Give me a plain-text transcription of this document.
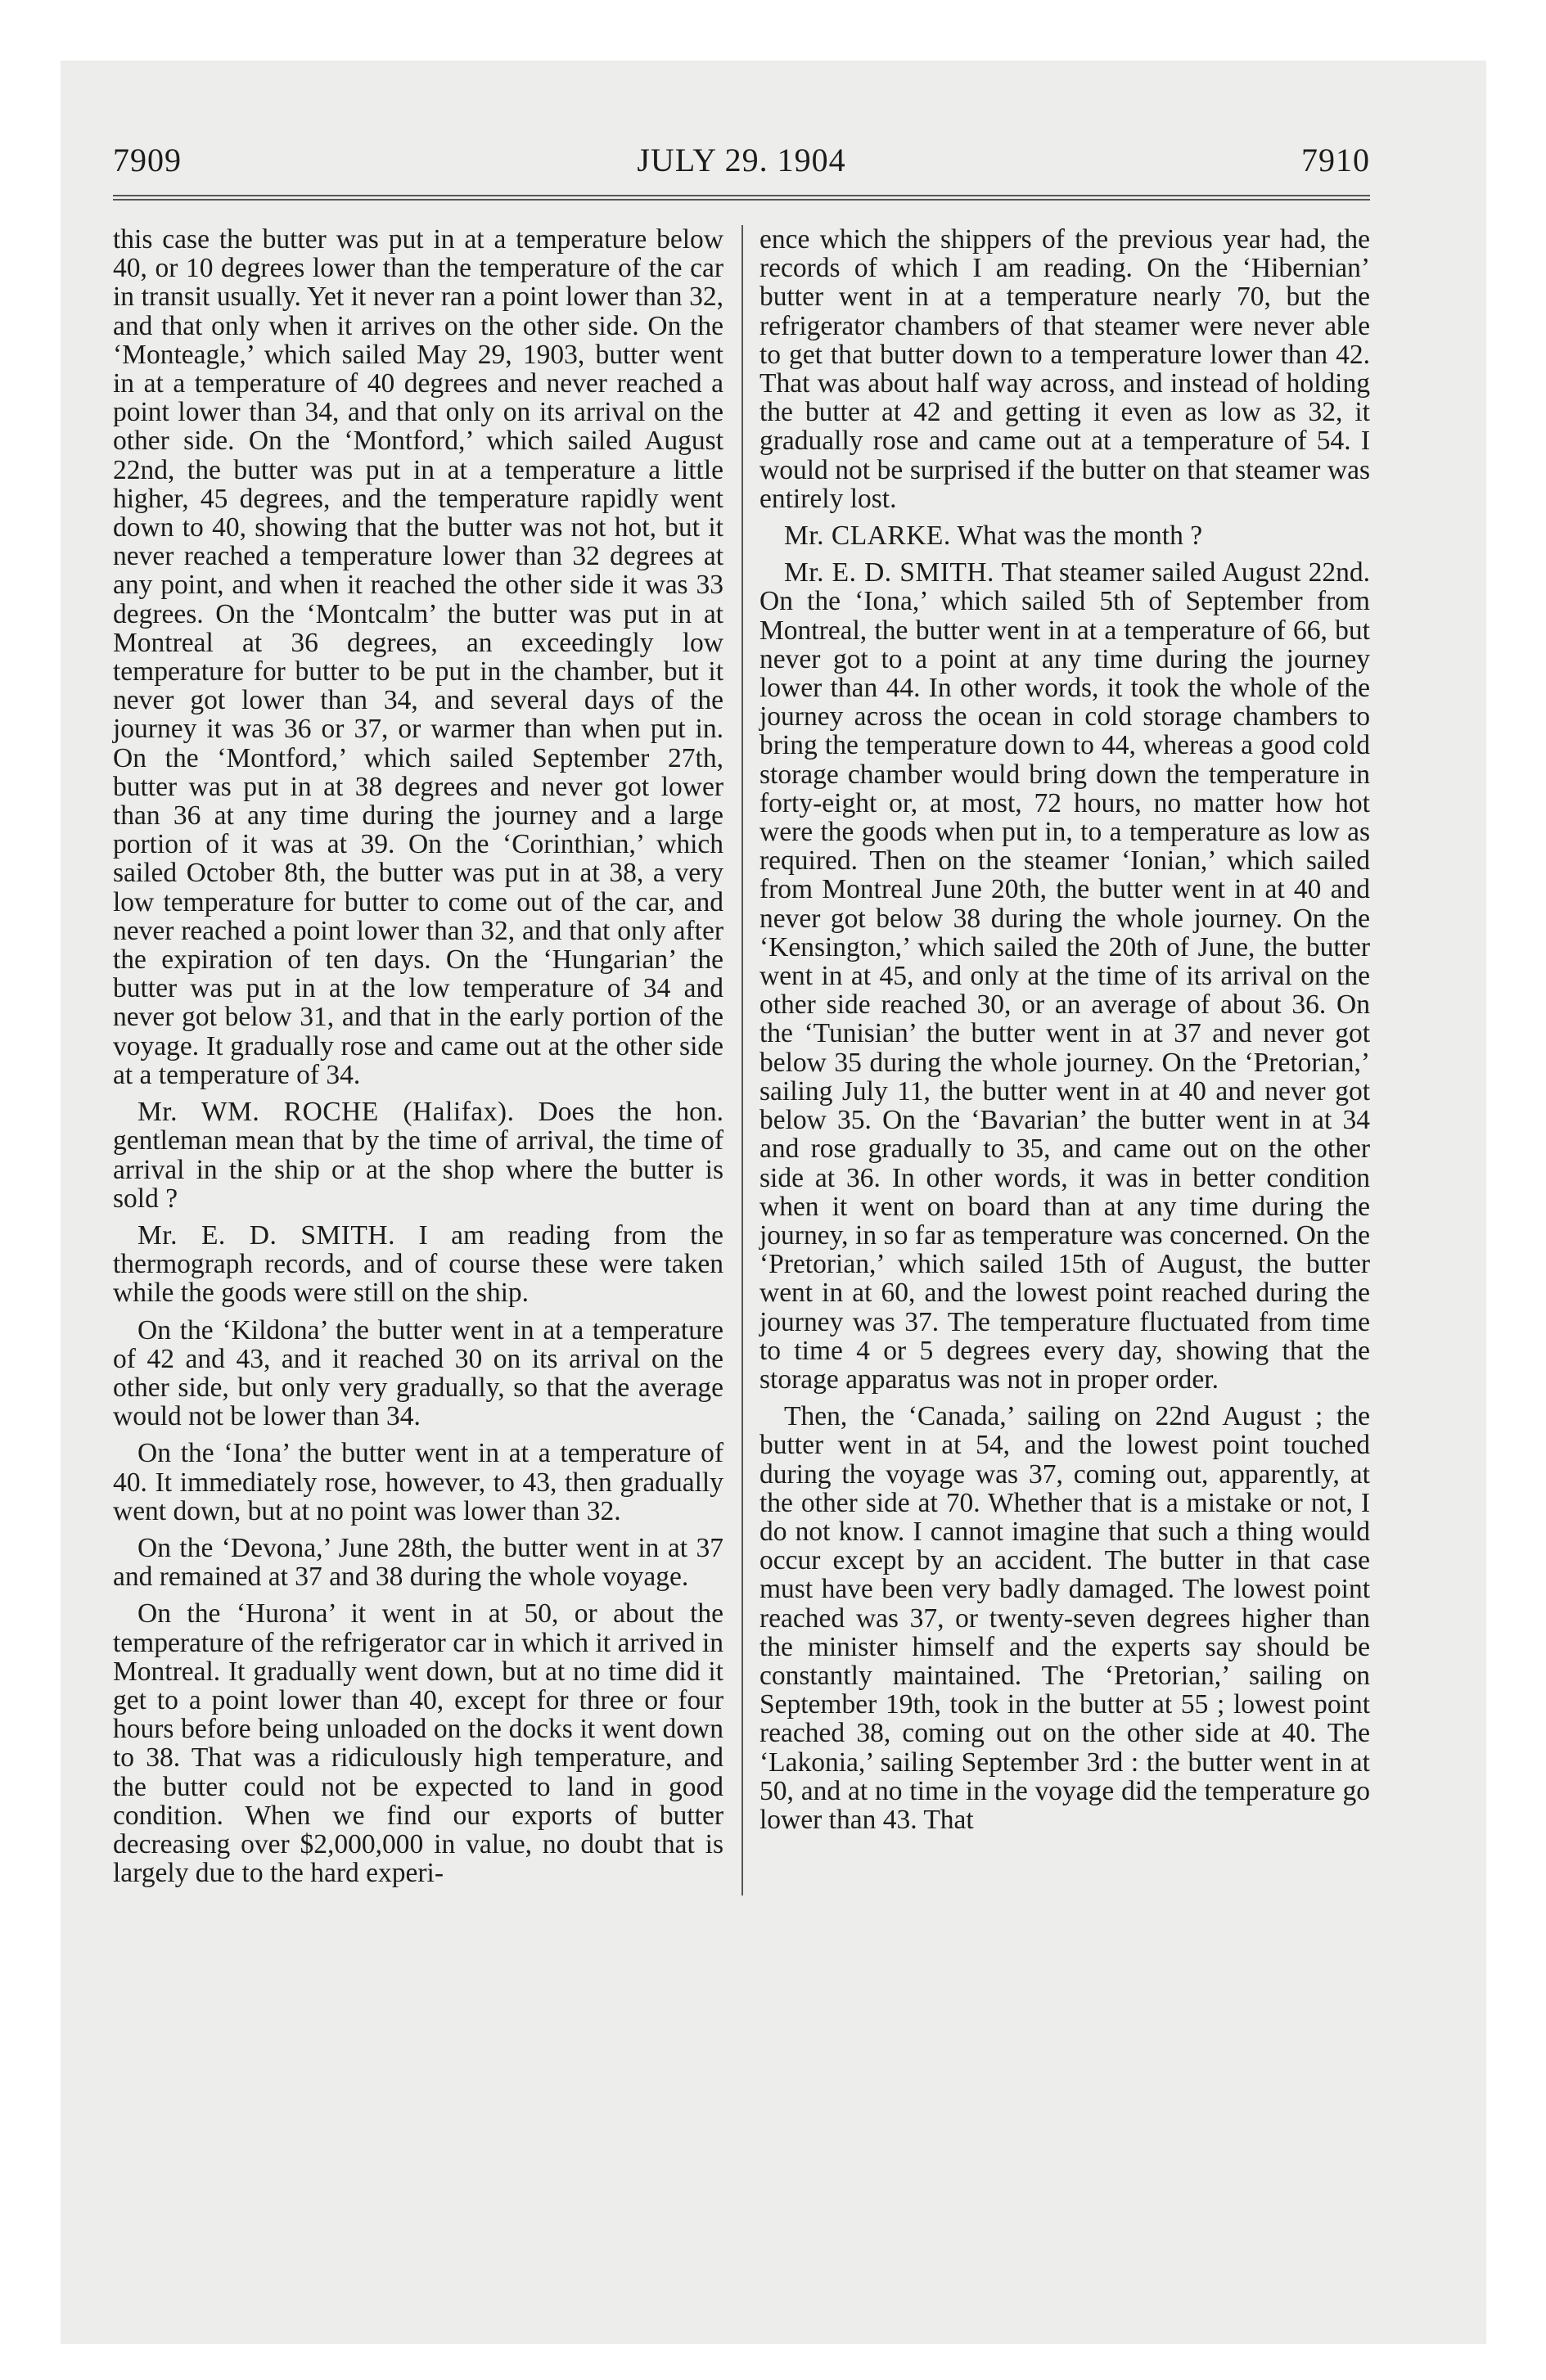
7909	JULY 29. 1904	7910

this case the butter was put in at a temperature below 40, or 10 degrees lower than the temperature of the car in transit usually. Yet it never ran a point lower than 32, and that only when it arrives on the other side. On the ‘Monteagle,’ which sailed May 29, 1903, butter went in at a temperature of 40 degrees and never reached a point lower than 34, and that only on its arrival on the other side. On the ‘Montford,’ which sailed August 22nd, the butter was put in at a temperature a little higher, 45 degrees, and the temperature rapidly went down to 40, showing that the butter was not hot, but it never reached a temperature lower than 32 degrees at any point, and when it reached the other side it was 33 degrees. On the ‘Montcalm’ the butter was put in at Montreal at 36 degrees, an exceedingly low temperature for butter to be put in the chamber, but it never got lower than 34, and several days of the journey it was 36 or 37, or warmer than when put in. On the ‘Montford,’ which sailed September 27th, butter was put in at 38 degrees and never got lower than 36 at any time during the journey and a large portion of it was at 39. On the ‘Corinthian,’ which sailed October 8th, the butter was put in at 38, a very low temperature for butter to come out of the car, and never reached a point lower than 32, and that only after the expiration of ten days. On the ‘Hungarian’ the butter was put in at the low temperature of 34 and never got below 31, and that in the early portion of the voyage. It gradually rose and came out at the other side at a temperature of 34.

Mr. WM. ROCHE (Halifax). Does the hon. gentleman mean that by the time of arrival, the time of arrival in the ship or at the shop where the butter is sold ?

Mr. E. D. SMITH. I am reading from the thermograph records, and of course these were taken while the goods were still on the ship.

On the ‘Kildona’ the butter went in at a temperature of 42 and 43, and it reached 30 on its arrival on the other side, but only very gradually, so that the average would not be lower than 34.

On the ‘Iona’ the butter went in at a temperature of 40. It immediately rose, however, to 43, then gradually went down, but at no point was lower than 32.

On the ‘Devona,’ June 28th, the butter went in at 37 and remained at 37 and 38 during the whole voyage.

On the ‘Hurona’ it went in at 50, or about the temperature of the refrigerator car in which it arrived in Montreal. It gradually went down, but at no time did it get to a point lower than 40, except for three or four hours before being unloaded on the docks it went down to 38. That was a ridiculously high temperature, and the butter could not be expected to land in good condition. When we find our exports of butter decreasing over $2,000,000 in value, no doubt that is largely due to the hard experi-

ence which the shippers of the previous year had, the records of which I am reading. On the ‘Hibernian’ butter went in at a temperature nearly 70, but the refrigerator chambers of that steamer were never able to get that butter down to a temperature lower than 42. That was about half way across, and instead of holding the butter at 42 and getting it even as low as 32, it gradually rose and came out at a temperature of 54. I would not be surprised if the butter on that steamer was entirely lost.

Mr. CLARKE. What was the month ?

Mr. E. D. SMITH. That steamer sailed August 22nd. On the ‘Iona,’ which sailed 5th of September from Montreal, the butter went in at a temperature of 66, but never got to a point at any time during the journey lower than 44. In other words, it took the whole of the journey across the ocean in cold storage chambers to bring the temperature down to 44, whereas a good cold storage chamber would bring down the temperature in forty-eight or, at most, 72 hours, no matter how hot were the goods when put in, to a temperature as low as required. Then on the steamer ‘Ionian,’ which sailed from Montreal June 20th, the butter went in at 40 and never got below 38 during the whole journey. On the ‘Kensington,’ which sailed the 20th of June, the butter went in at 45, and only at the time of its arrival on the other side reached 30, or an average of about 36. On the ‘Tunisian’ the butter went in at 37 and never got below 35 during the whole journey. On the ‘Pretorian,’ sailing July 11, the butter went in at 40 and never got below 35. On the ‘Bavarian’ the butter went in at 34 and rose gradually to 35, and came out on the other side at 36. In other words, it was in better condition when it went on board than at any time during the journey, in so far as temperature was concerned. On the ‘Pretorian,’ which sailed 15th of August, the butter went in at 60, and the lowest point reached during the journey was 37. The temperature fluctuated from time to time 4 or 5 degrees every day, showing that the storage apparatus was not in proper order.

Then, the ‘Canada,’ sailing on 22nd August ; the butter went in at 54, and the lowest point touched during the voyage was 37, coming out, apparently, at the other side at 70. Whether that is a mistake or not, I do not know. I cannot imagine that such a thing would occur except by an accident. The butter in that case must have been very badly damaged. The lowest point reached was 37, or twenty-seven degrees higher than the minister himself and the experts say should be constantly maintained. The ‘Pretorian,’ sailing on September 19th, took in the butter at 55 ; lowest point reached 38, coming out on the other side at 40. The ‘Lakonia,’ sailing September 3rd : the butter went in at 50, and at no time in the voyage did the temperature go lower than 43. That
